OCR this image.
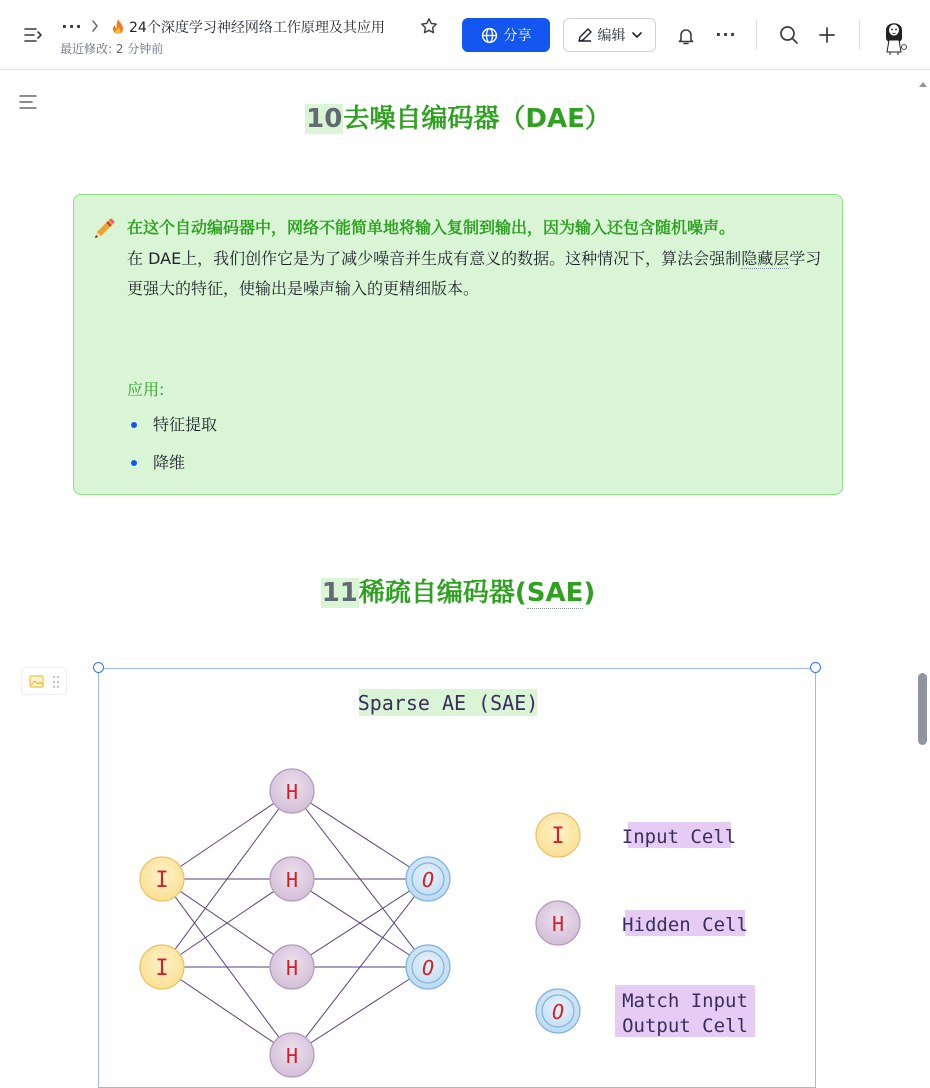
···	24个深度学习神经网络工作原理及其应用
最近修改: 2 分钟前
分享	编辑	···
10去噪自编码器（DAE）
在这个自动编码器中，网络不能简单地将输入复制到输出，因为输入还包含随机噪声。
在 DAE上，我们创作它是为了减少噪音并生成有意义的数据。这种情况下，算法会强制隐藏层学习更强大的特征，使输出是噪声输入的更精细版本。
应用:
特征提取
降维
11稀疏自编码器(SAE)
Sparse AE (SAE)
I
I
H
H
H
H
O
O
I	Input Cell
H	Hidden Cell
O	Match Input
Output Cell
